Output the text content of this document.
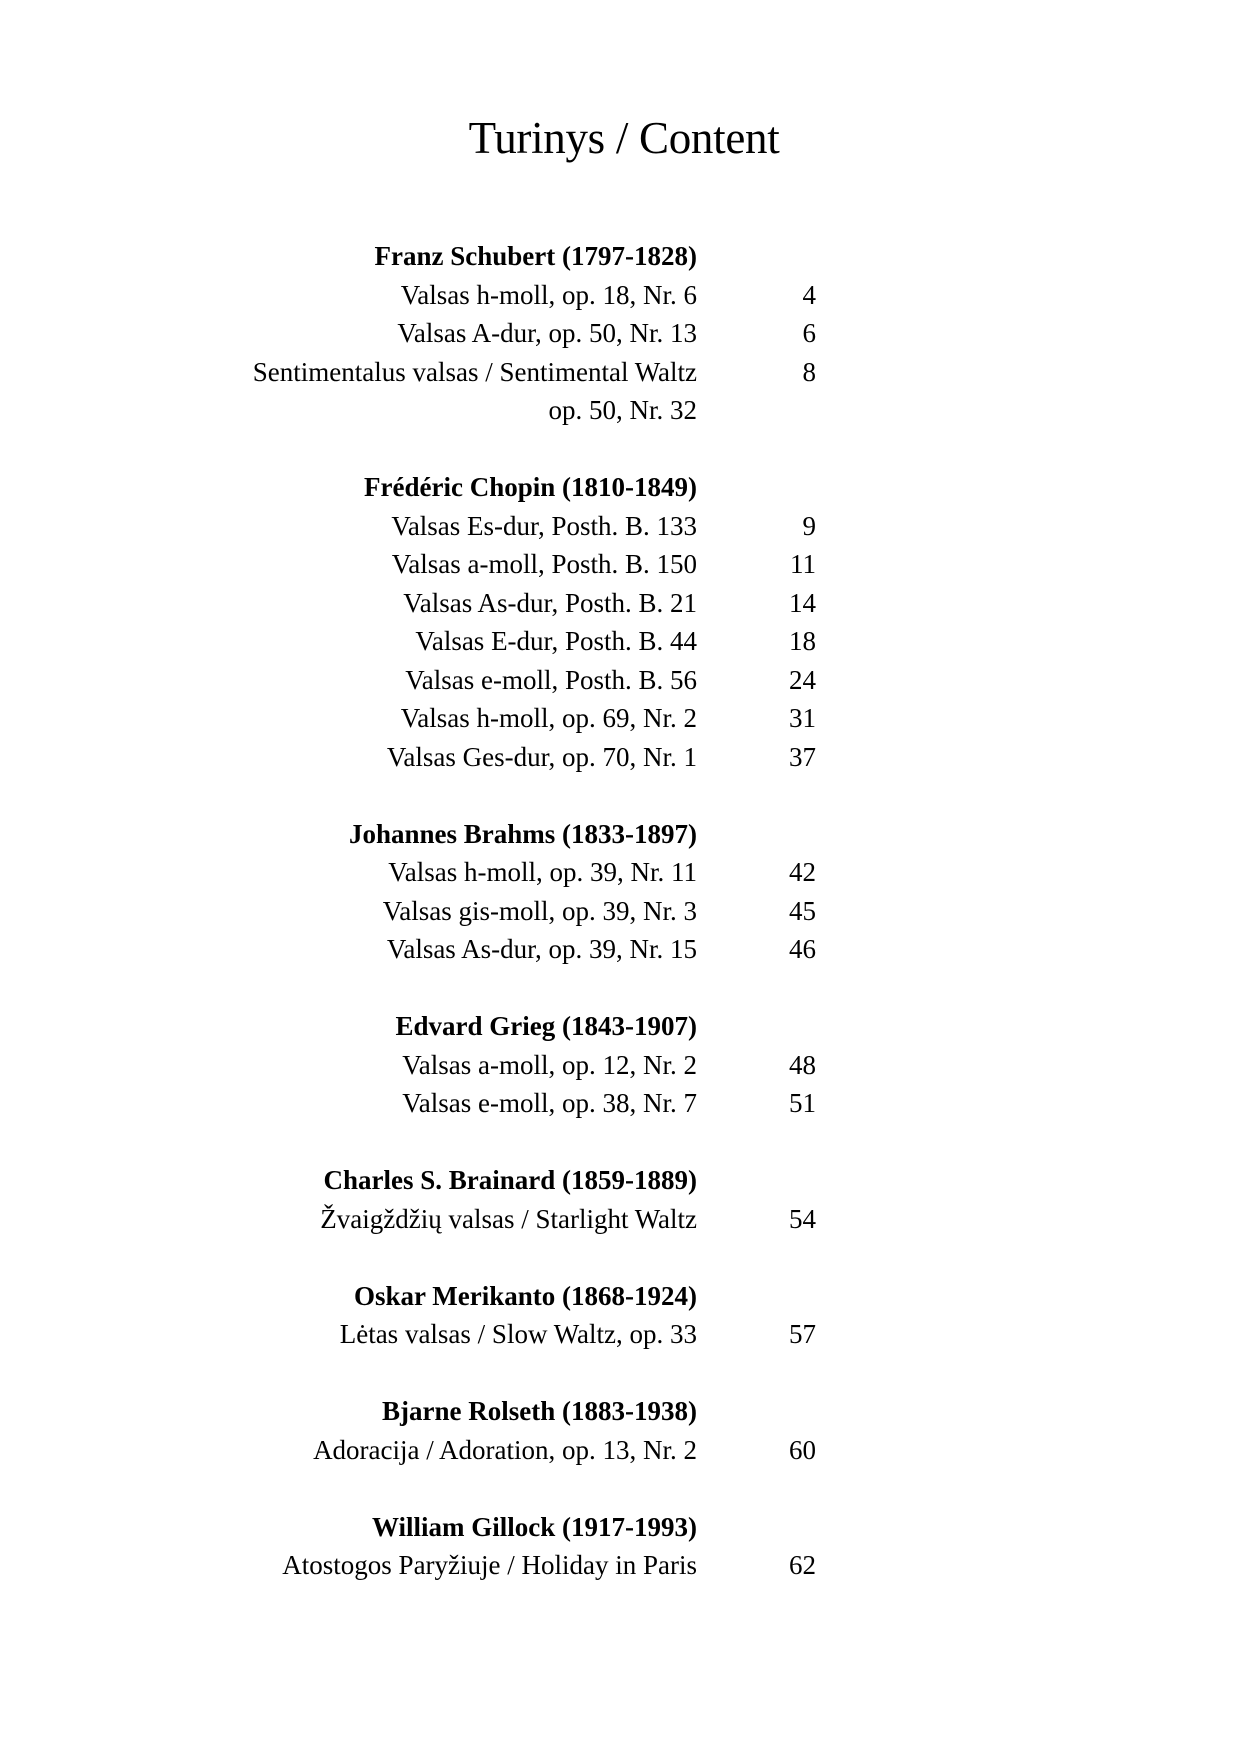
Turinys / Content
Franz Schubert (1797-1828)
Valsas h-moll, op. 18, Nr. 6	4
Valsas A-dur, op. 50, Nr. 13	6
Sentimentalus valsas / Sentimental Waltz	8
op. 50, Nr. 32
Frédéric Chopin (1810-1849)
Valsas Es-dur, Posth. B. 133	9
Valsas a-moll, Posth. B. 150	11
Valsas As-dur, Posth. B. 21	14
Valsas E-dur, Posth. B. 44	18
Valsas e-moll, Posth. B. 56	24
Valsas h-moll, op. 69, Nr. 2	31
Valsas Ges-dur, op. 70, Nr. 1	37
Johannes Brahms (1833-1897)
Valsas h-moll, op. 39, Nr. 11	42
Valsas gis-moll, op. 39, Nr. 3	45
Valsas As-dur, op. 39, Nr. 15	46
Edvard Grieg (1843-1907)
Valsas a-moll, op. 12, Nr. 2	48
Valsas e-moll, op. 38, Nr. 7	51
Charles S. Brainard (1859-1889)
Žvaigždžių valsas / Starlight Waltz	54
Oskar Merikanto (1868-1924)
Lėtas valsas / Slow Waltz, op. 33	57
Bjarne Rolseth (1883-1938)
Adoracija / Adoration, op. 13, Nr. 2	60
William Gillock (1917-1993)
Atostogos Paryžiuje / Holiday in Paris	62
